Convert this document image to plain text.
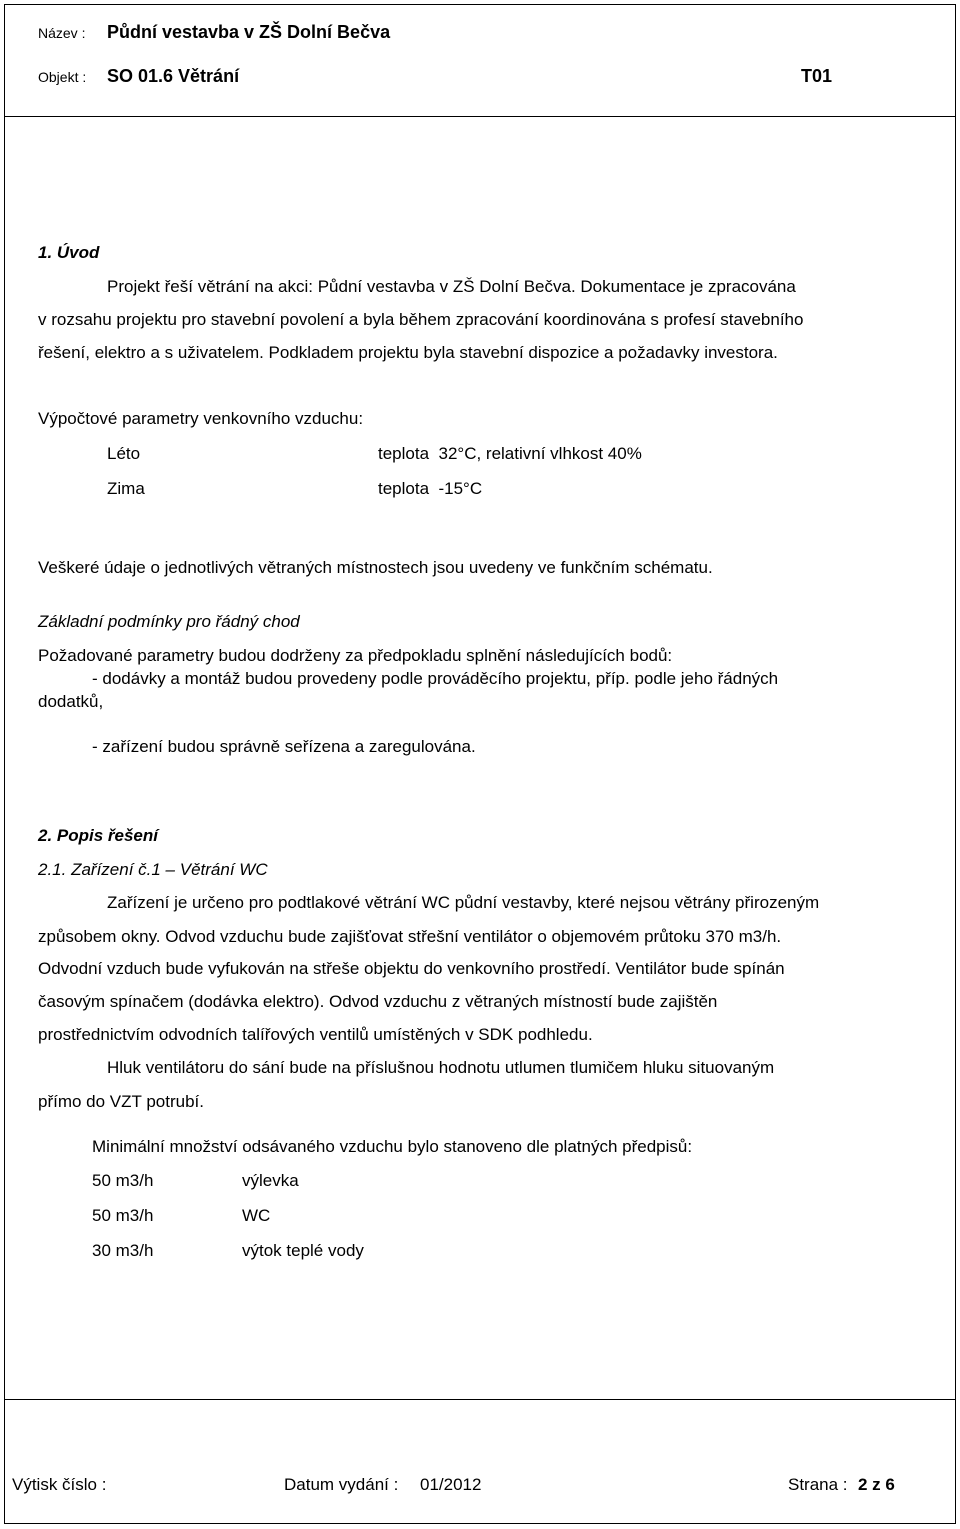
Název : Půdní vestavba v ZŠ Dolní Bečva
Objekt : SO 01.6 Větrání	T01
1. Úvod
Projekt řeší větrání na akci: Půdní vestavba v ZŠ Dolní Bečva. Dokumentace je zpracována
v rozsahu projektu pro stavební povolení a byla během zpracování koordinována s profesí stavebního
řešení, elektro a s uživatelem. Podkladem projektu byla stavební dispozice a požadavky investora.
Výpočtové parametry venkovního vzduchu:
Léto	teplota  32°C, relativní vlhkost 40%
Zima	teplota  -15°C
Veškeré údaje o jednotlivých větraných místnostech jsou uvedeny ve funkčním schématu.
Základní podmínky pro řádný chod
Požadované parametry budou dodrženy za předpokladu splnění následujících bodů:
- dodávky a montáž budou provedeny podle prováděcího projektu, příp. podle jeho řádných
dodatků,
- zařízení budou správně seřízena a zaregulována.
2. Popis řešení
2.1. Zařízení č.1 – Větrání WC
Zařízení je určeno pro podtlakové větrání WC půdní vestavby, které nejsou větrány přirozeným
způsobem okny. Odvod vzduchu bude zajišťovat střešní ventilátor o objemovém průtoku 370 m3/h.
Odvodní vzduch bude vyfukován na střeše objektu do venkovního prostředí. Ventilátor bude spínán
časovým spínačem (dodávka elektro). Odvod vzduchu z větraných místností bude zajištěn
prostřednictvím odvodních talířových ventilů umístěných v SDK podhledu.
Hluk ventilátoru do sání bude na příslušnou hodnotu utlumen tlumičem hluku situovaným
přímo do VZT potrubí.
Minimální množství odsávaného vzduchu bylo stanoveno dle platných předpisů:
50 m3/h	výlevka
50 m3/h	WC
30 m3/h	výtok teplé vody
Výtisk číslo :	Datum vydání : 01/2012	Strana : 2 z 6
